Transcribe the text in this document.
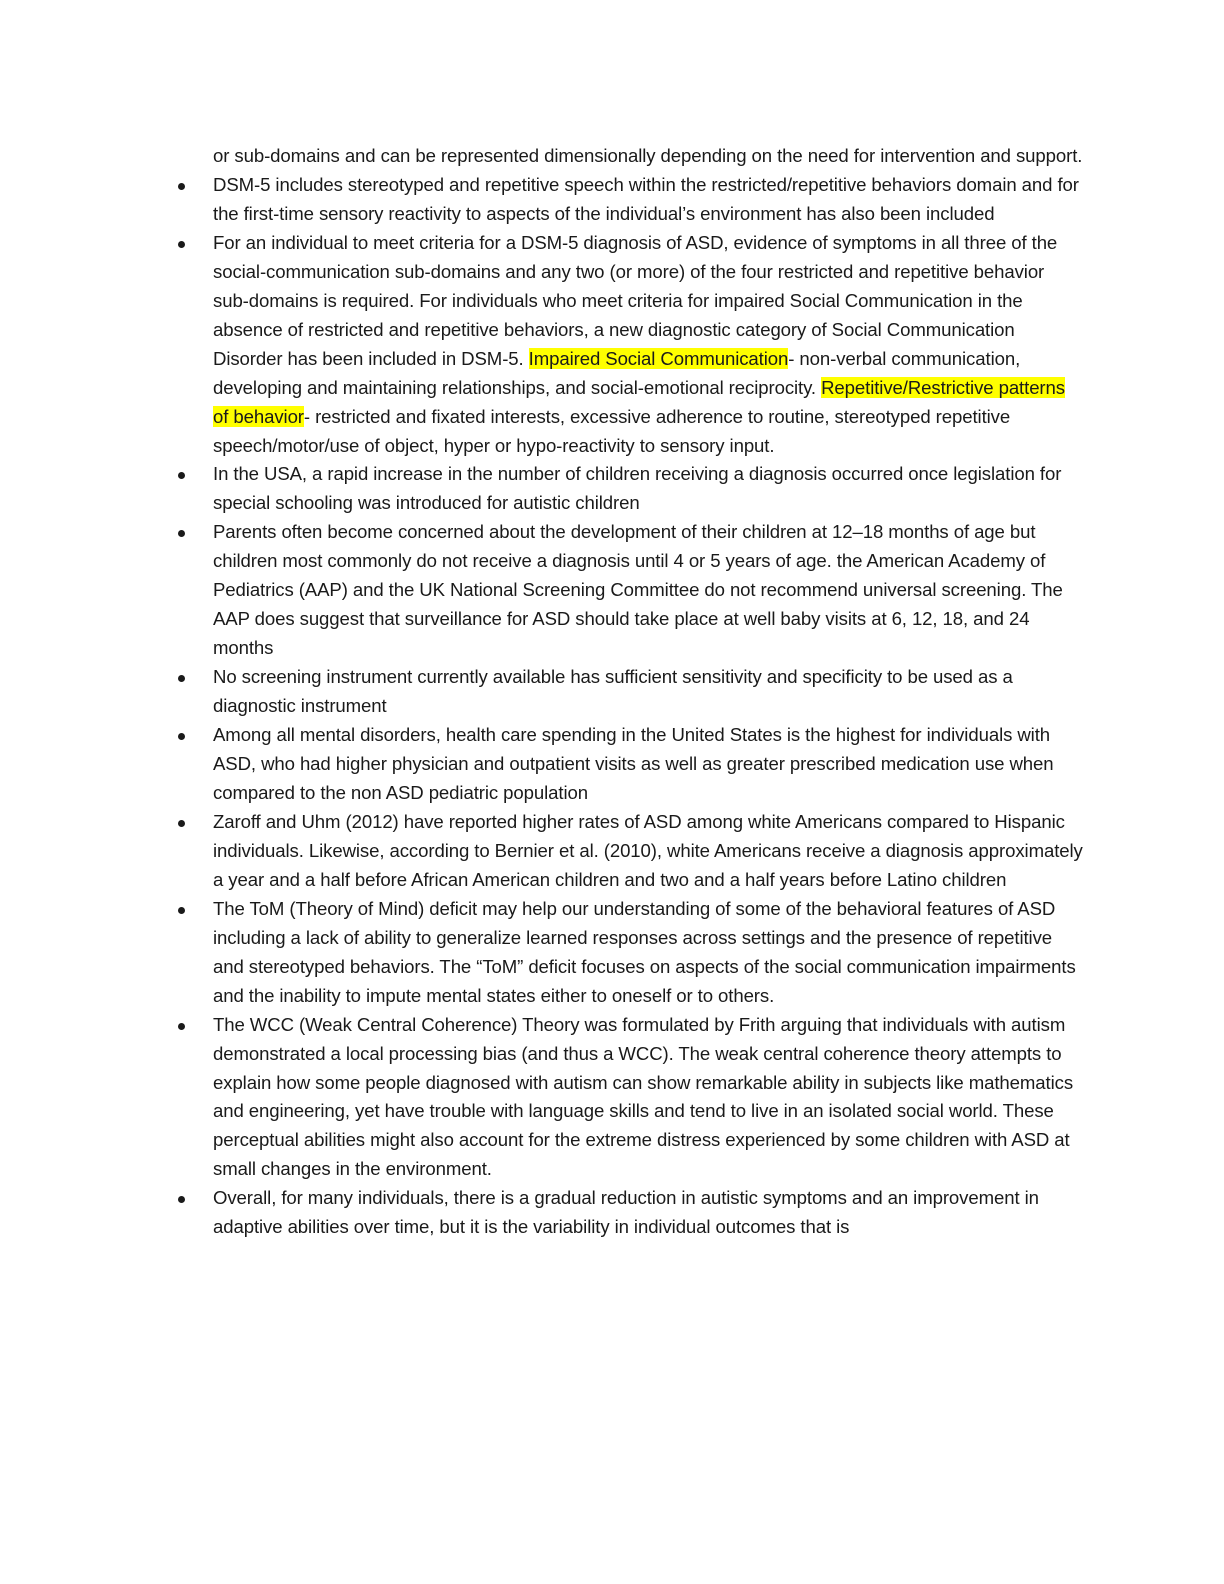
or sub-domains and can be represented dimensionally depending on the need for intervention and support.

DSM-5 includes stereotyped and repetitive speech within the restricted/repetitive behaviors domain and for the first-time sensory reactivity to aspects of the individual’s environment has also been included
For an individual to meet criteria for a DSM-5 diagnosis of ASD, evidence of symptoms in all three of the social-communication sub-domains and any two (or more) of the four restricted and repetitive behavior sub-domains is required. For individuals who meet criteria for impaired Social Communication in the absence of restricted and repetitive behaviors, a new diagnostic category of Social Communication Disorder has been included in DSM-5. Impaired Social Communication- non-verbal communication, developing and maintaining relationships, and social-emotional reciprocity. Repetitive/Restrictive patterns of behavior- restricted and fixated interests, excessive adherence to routine, stereotyped repetitive speech/motor/use of object, hyper or hypo-reactivity to sensory input.
In the USA, a rapid increase in the number of children receiving a diagnosis occurred once legislation for special schooling was introduced for autistic children
Parents often become concerned about the development of their children at 12–18 months of age but children most commonly do not receive a diagnosis until 4 or 5 years of age. the American Academy of Pediatrics (AAP) and the UK National Screening Committee do not recommend universal screening. The AAP does suggest that surveillance for ASD should take place at well baby visits at 6, 12, 18, and 24 months
No screening instrument currently available has sufficient sensitivity and specificity to be used as a diagnostic instrument
Among all mental disorders, health care spending in the United States is the highest for individuals with ASD, who had higher physician and outpatient visits as well as greater prescribed medication use when compared to the non ASD pediatric population
Zaroff and Uhm (2012) have reported higher rates of ASD among white Americans compared to Hispanic individuals. Likewise, according to Bernier et al. (2010), white Americans receive a diagnosis approximately a year and a half before African American children and two and a half years before Latino children
The ToM (Theory of Mind) deficit may help our understanding of some of the behavioral features of ASD including a lack of ability to generalize learned responses across settings and the presence of repetitive and stereotyped behaviors. The “ToM” deficit focuses on aspects of the social communication impairments and the inability to impute mental states either to oneself or to others.
The WCC (Weak Central Coherence) Theory was formulated by Frith arguing that individuals with autism demonstrated a local processing bias (and thus a WCC). The weak central coherence theory attempts to explain how some people diagnosed with autism can show remarkable ability in subjects like mathematics and engineering, yet have trouble with language skills and tend to live in an isolated social world. These perceptual abilities might also account for the extreme distress experienced by some children with ASD at small changes in the environment.
Overall, for many individuals, there is a gradual reduction in autistic symptoms and an improvement in adaptive abilities over time, but it is the variability in individual outcomes that is
